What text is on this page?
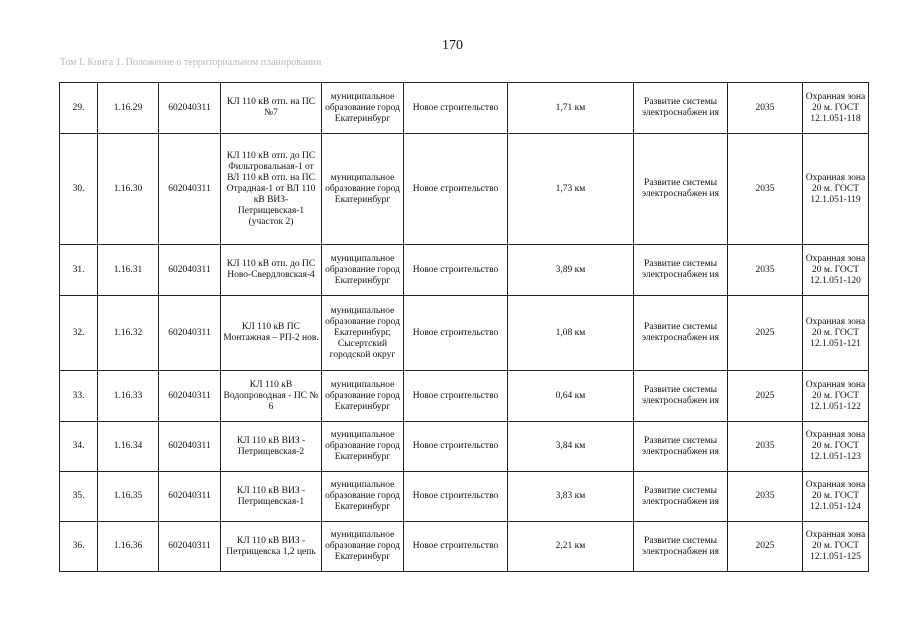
170
Том I. Книга 1. Положение о территориальном планировании
29.	1.16.29	602040311	КЛ 110 кВ отп. на ПС №7	муниципальное образование город Екатеринбург	Новое строительство	1,71 км	Развитие системы электроснабжен ия	2035	Охранная зона 20 м. ГОСТ 12.1.051-118
30.	1.16.30	602040311	КЛ 110 кВ отп. до ПС Фильтровальная-1 от ВЛ 110 кВ отп. на ПС Отрадная-1 от ВЛ 110 кВ ВИЗ-Петрищевская-1 (участок 2)	муниципальное образование город Екатеринбург	Новое строительство	1,73 км	Развитие системы электроснабжен ия	2035	Охранная зона 20 м. ГОСТ 12.1.051-119
31.	1.16.31	602040311	КЛ 110 кВ отп. до ПС Ново-Свердловская-4	муниципальное образование город Екатеринбург	Новое строительство	3,89 км	Развитие системы электроснабжен ия	2035	Охранная зона 20 м. ГОСТ 12.1.051-120
32.	1.16.32	602040311	КЛ 110 кВ ПС Монтажная – РП-2 нов.	муниципальное образование город Екатеринбург, Сысертский городской округ	Новое строительство	1,08 км	Развитие системы электроснабжен ия	2025	Охранная зона 20 м. ГОСТ 12.1.051-121
33.	1.16.33	602040311	КЛ 110 кВ Водопроводная - ПС № 6	муниципальное образование город Екатеринбург	Новое строительство	0,64 км	Развитие системы электроснабжен ия	2025	Охранная зона 20 м. ГОСТ 12.1.051-122
34.	1.16.34	602040311	КЛ 110 кВ ВИЗ - Петрищевская-2	муниципальное образование город Екатеринбург	Новое строительство	3,84 км	Развитие системы электроснабжен ия	2035	Охранная зона 20 м. ГОСТ 12.1.051-123
35.	1.16.35	602040311	КЛ 110 кВ ВИЗ - Петрищевская-1	муниципальное образование город Екатеринбург	Новое строительство	3,83 км	Развитие системы электроснабжен ия	2035	Охранная зона 20 м. ГОСТ 12.1.051-124
36.	1.16.36	602040311	КЛ 110 кВ ВИЗ - Петрищевска 1,2 цепь	муниципальное образование город Екатеринбург	Новое строительство	2,21 км	Развитие системы электроснабжен ия	2025	Охранная зона 20 м. ГОСТ 12.1.051-125
